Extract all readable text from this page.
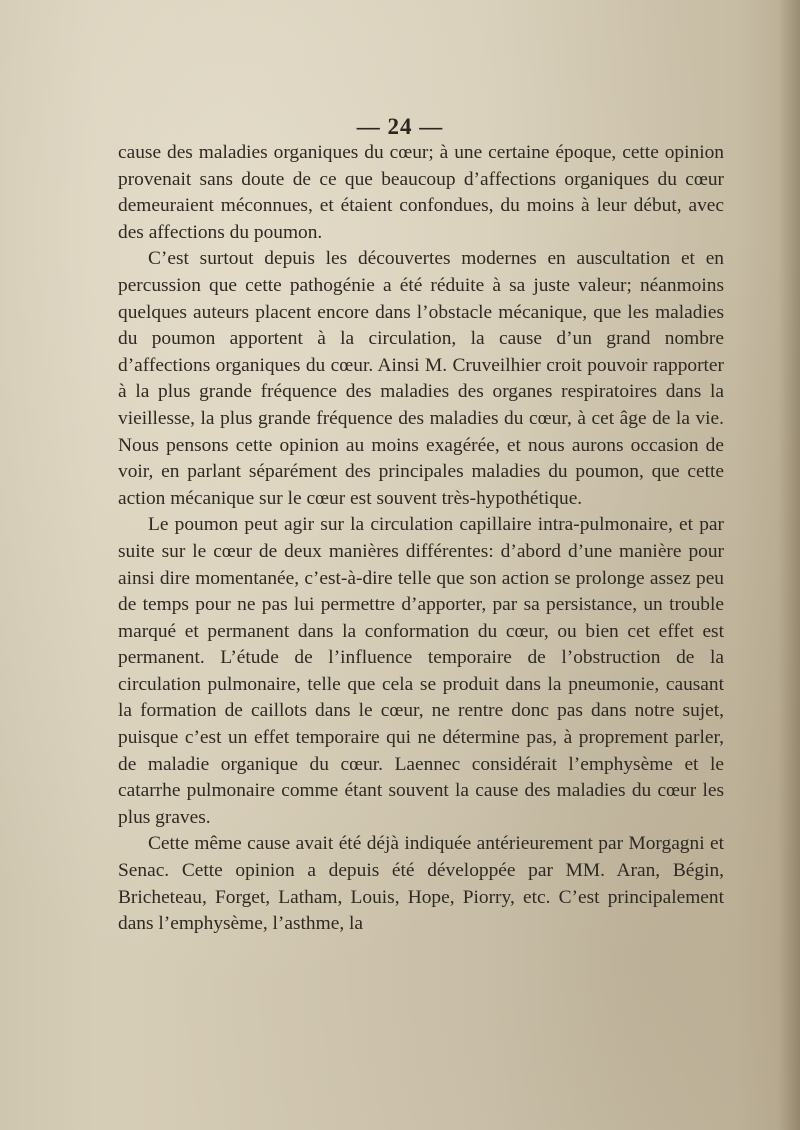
— 24 —

cause des maladies organiques du cœur; à une certaine époque, cette opinion provenait sans doute de ce que beaucoup d’affections organiques du cœur demeuraient méconnues, et étaient confondues, du moins à leur début, avec des affections du poumon.

C’est surtout depuis les découvertes modernes en auscultation et en percussion que cette pathogénie a été réduite à sa juste valeur; néanmoins quelques auteurs placent encore dans l’obstacle mécanique, que les maladies du poumon apportent à la circulation, la cause d’un grand nombre d’affections organiques du cœur. Ainsi M. Cruveilhier croit pouvoir rapporter à la plus grande fréquence des maladies des organes respiratoires dans la vieillesse, la plus grande fréquence des maladies du cœur, à cet âge de la vie. Nous pensons cette opinion au moins exagérée, et nous aurons occasion de voir, en parlant séparément des principales maladies du poumon, que cette action mécanique sur le cœur est souvent très-hypothétique.

Le poumon peut agir sur la circulation capillaire intra-pulmonaire, et par suite sur le cœur de deux manières différentes: d’abord d’une manière pour ainsi dire momentanée, c’est-à-dire telle que son action se prolonge assez peu de temps pour ne pas lui permettre d’apporter, par sa persistance, un trouble marqué et permanent dans la conformation du cœur, ou bien cet effet est permanent. L’étude de l’influence temporaire de l’obstruction de la circulation pulmonaire, telle que cela se produit dans la pneumonie, causant la formation de caillots dans le cœur, ne rentre donc pas dans notre sujet, puisque c’est un effet temporaire qui ne détermine pas, à proprement parler, de maladie organique du cœur. Laennec considérait l’emphysème et le catarrhe pulmonaire comme étant souvent la cause des maladies du cœur les plus graves.

Cette même cause avait été déjà indiquée antérieurement par Morgagni et Senac. Cette opinion a depuis été développée par MM. Aran, Bégin, Bricheteau, Forget, Latham, Louis, Hope, Piorry, etc. C’est principalement dans l’emphysème, l’asthme, la
